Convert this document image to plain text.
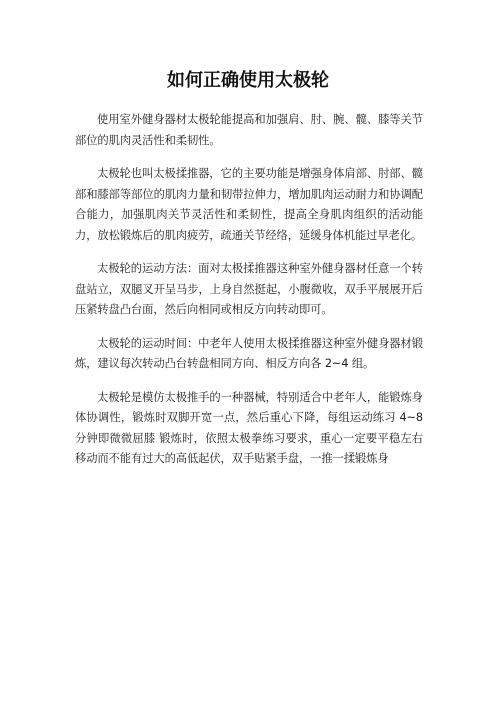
如何正确使用太极轮

使用室外健身器材太极轮能提高和加强肩、肘、腕、髋、膝等关节部位的肌肉灵活性和柔韧性。

太极轮也叫太极揉推器，它的主要功能是增强身体肩部、肘部、髋部和膝部等部位的肌肉力量和韧带拉伸力，增加肌肉运动耐力和协调配合能力，加强肌肉关节灵活性和柔韧性，提高全身肌肉组织的活动能力，放松锻炼后的肌肉疲劳，疏通关节经络，延缓身体机能过早老化。

太极轮的运动方法：面对太极揉推器这种室外健身器材任意一个转盘站立，双腿叉开呈马步，上身自然挺起，小腹微收，双手平展展开后压紧转盘凸台面，然后向相同或相反方向转动即可。

太极轮的运动时间：中老年人使用太极揉推器这种室外健身器材锻炼，建议每次转动凸台转盘相同方向、相反方向各 2~4 组。

太极轮是模仿太极推手的一种器械，特别适合中老年人，能锻炼身体协调性，锻炼时双脚开宽一点，然后重心下降，每组运动练习 4~8 分钟即微微屈膝 锻炼时，依照太极拳练习要求，重心一定要平稳左右移动而不能有过大的高低起伏，双手贴紧手盘，一推一揉锻炼身
